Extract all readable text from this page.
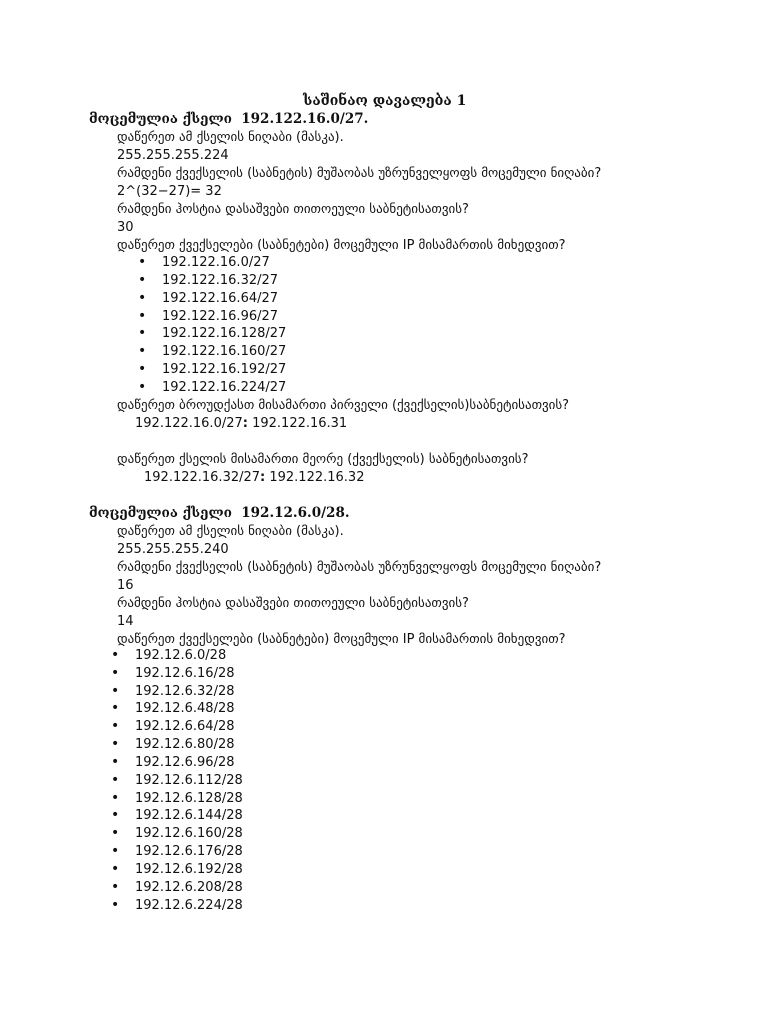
საშინაო დავალება 1
მოცემულია ქსელი 192.122.16.0/27.
დაწერეთ ამ ქსელის ნიღაბი (მასკა).
255.255.255.224
რამდენი ქვექსელის (საბნეტის) მუშაობას უზრუნველყოფს მოცემული ნიღაბი?
2^(32−27)= 32
რამდენი ჰოსტია დასაშვები თითოეული საბნეტისათვის?
30
დაწერეთ ქვექსელები (საბნეტები) მოცემული IP მისამართის მიხედვით?
• 192.122.16.0/27
• 192.122.16.32/27
• 192.122.16.64/27
• 192.122.16.96/27
• 192.122.16.128/27
• 192.122.16.160/27
• 192.122.16.192/27
• 192.122.16.224/27
დაწერეთ ბროუდქასთ მისამართი პირველი (ქვექსელის)საბნეტისათვის?
192.122.16.0/27: 192.122.16.31
დაწერეთ ქსელის მისამართი მეორე (ქვექსელის) საბნეტისათვის?
192.122.16.32/27: 192.122.16.32
მოცემულია ქსელი 192.12.6.0/28.
დაწერეთ ამ ქსელის ნიღაბი (მასკა).
255.255.255.240
რამდენი ქვექსელის (საბნეტის) მუშაობას უზრუნველყოფს მოცემული ნიღაბი?
16
რამდენი ჰოსტია დასაშვები თითოეული საბნეტისათვის?
14
დაწერეთ ქვექსელები (საბნეტები) მოცემული IP მისამართის მიხედვით?
• 192.12.6.0/28
• 192.12.6.16/28
• 192.12.6.32/28
• 192.12.6.48/28
• 192.12.6.64/28
• 192.12.6.80/28
• 192.12.6.96/28
• 192.12.6.112/28
• 192.12.6.128/28
• 192.12.6.144/28
• 192.12.6.160/28
• 192.12.6.176/28
• 192.12.6.192/28
• 192.12.6.208/28
• 192.12.6.224/28
